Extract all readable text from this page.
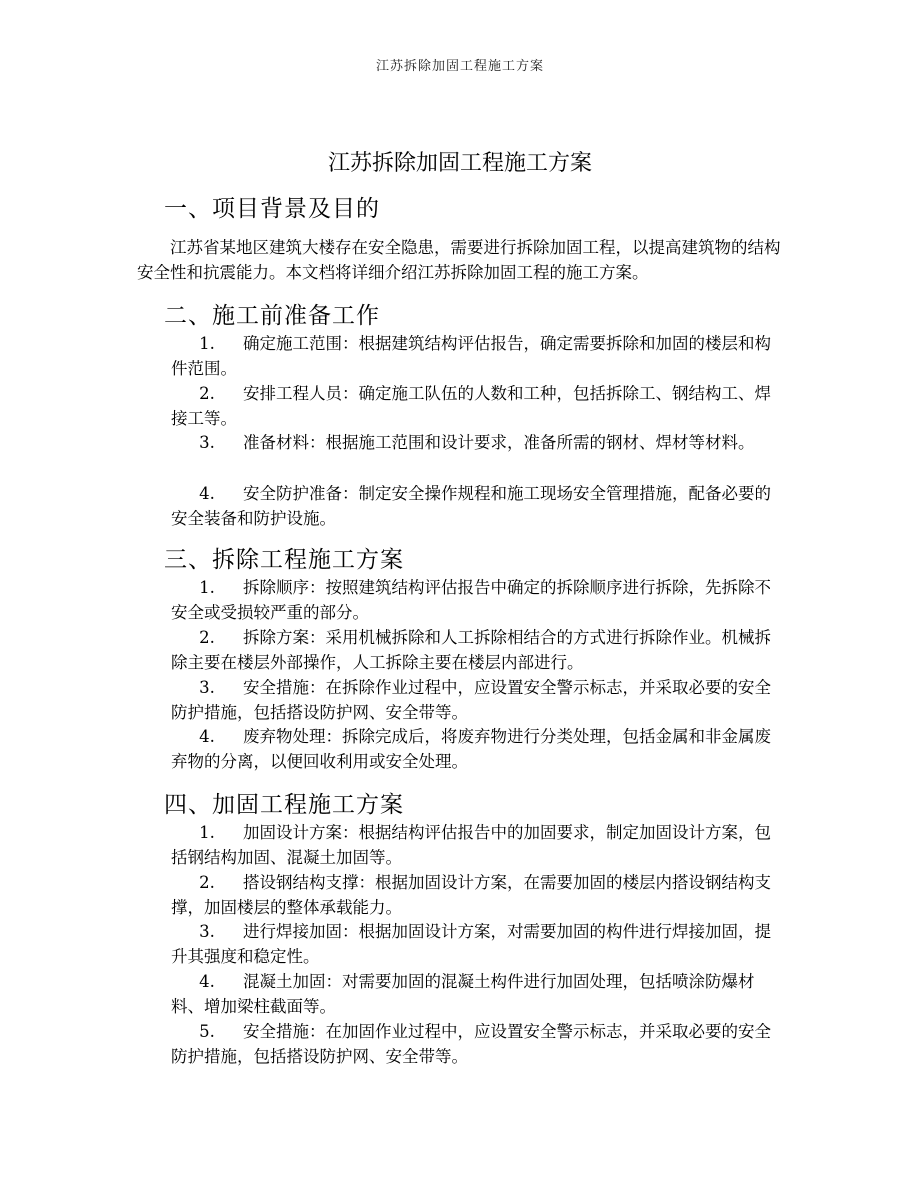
江苏拆除加固工程施工方案
江苏拆除加固工程施工方案
一、项目背景及目的

江苏省某地区建筑大楼存在安全隐患，需要进行拆除加固工程，以提高建筑物的结构安全性和抗震能力。本文档将详细介绍江苏拆除加固工程的施工方案。

二、施工前准备工作

1. 确定施工范围：根据建筑结构评估报告，确定需要拆除和加固的楼层和构件范围。

2. 安排工程人员：确定施工队伍的人数和工种，包括拆除工、钢结构工、焊接工等。

3. 准备材料：根据施工范围和设计要求，准备所需的钢材、焊材等材料。

4. 安全防护准备：制定安全操作规程和施工现场安全管理措施，配备必要的安全装备和防护设施。

三、拆除工程施工方案

1. 拆除顺序：按照建筑结构评估报告中确定的拆除顺序进行拆除，先拆除不安全或受损较严重的部分。

2. 拆除方案：采用机械拆除和人工拆除相结合的方式进行拆除作业。机械拆除主要在楼层外部操作，人工拆除主要在楼层内部进行。

3. 安全措施：在拆除作业过程中，应设置安全警示标志，并采取必要的安全防护措施，包括搭设防护网、安全带等。

4. 废弃物处理：拆除完成后，将废弃物进行分类处理，包括金属和非金属废弃物的分离，以便回收利用或安全处理。

四、加固工程施工方案

1. 加固设计方案：根据结构评估报告中的加固要求，制定加固设计方案，包括钢结构加固、混凝土加固等。

2. 搭设钢结构支撑：根据加固设计方案，在需要加固的楼层内搭设钢结构支撑，加固楼层的整体承载能力。

3. 进行焊接加固：根据加固设计方案，对需要加固的构件进行焊接加固，提升其强度和稳定性。

4. 混凝土加固：对需要加固的混凝土构件进行加固处理，包括喷涂防爆材料、增加梁柱截面等。

5. 安全措施：在加固作业过程中，应设置安全警示标志，并采取必要的安全防护措施，包括搭设防护网、安全带等。
